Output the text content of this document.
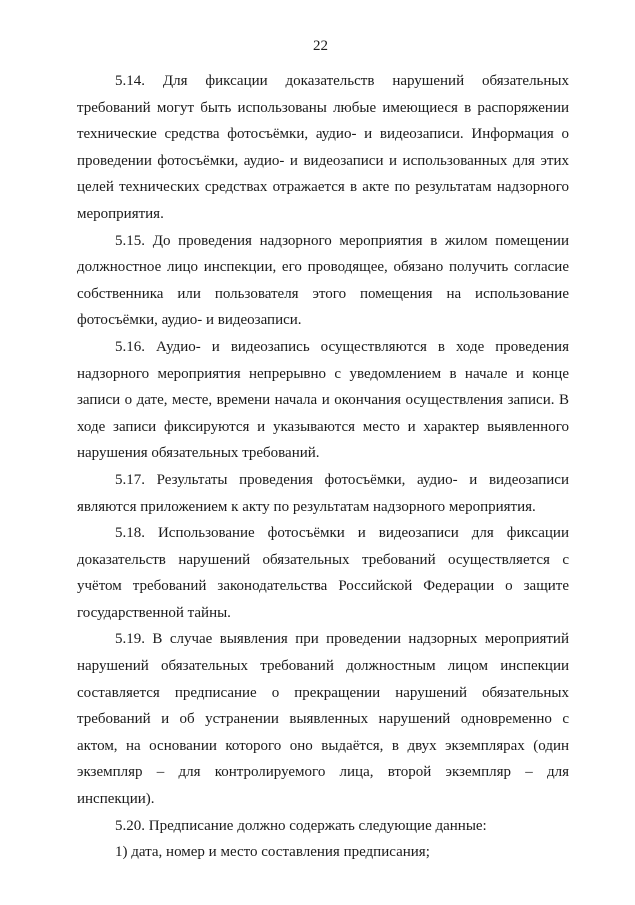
22

5.14. Для фиксации доказательств нарушений обязательных
требований могут быть использованы любые имеющиеся в распоряжении
технические средства фотосъёмки, аудио- и видеозаписи. Информация о
проведении фотосъёмки, аудио- и видеозаписи и использованных для этих
целей технических средствах отражается в акте по результатам надзорного
мероприятия.

5.15. До проведения надзорного мероприятия в жилом помещении
должностное лицо инспекции, его проводящее, обязано получить согласие
собственника или пользователя этого помещения на использование
фотосъёмки, аудио- и видеозаписи.

5.16. Аудио- и видеозапись осуществляются в ходе проведения
надзорного мероприятия непрерывно с уведомлением в начале и конце
записи о дате, месте, времени начала и окончания осуществления записи. В
ходе записи фиксируются и указываются место и характер выявленного
нарушения обязательных требований.

5.17. Результаты проведения фотосъёмки, аудио- и видеозаписи
являются приложением к акту по результатам надзорного мероприятия.

5.18. Использование фотосъёмки и видеозаписи для фиксации
доказательств нарушений обязательных требований осуществляется с
учётом требований законодательства Российской Федерации о защите
государственной тайны.

5.19. В случае выявления при проведении надзорных мероприятий
нарушений обязательных требований должностным лицом инспекции
составляется предписание о прекращении нарушений обязательных
требований и об устранении выявленных нарушений одновременно с
актом, на основании которого оно выдаётся, в двух экземплярах (один
экземпляр – для контролируемого лица, второй экземпляр – для
инспекции).

5.20. Предписание должно содержать следующие данные:

1) дата, номер и место составления предписания;
